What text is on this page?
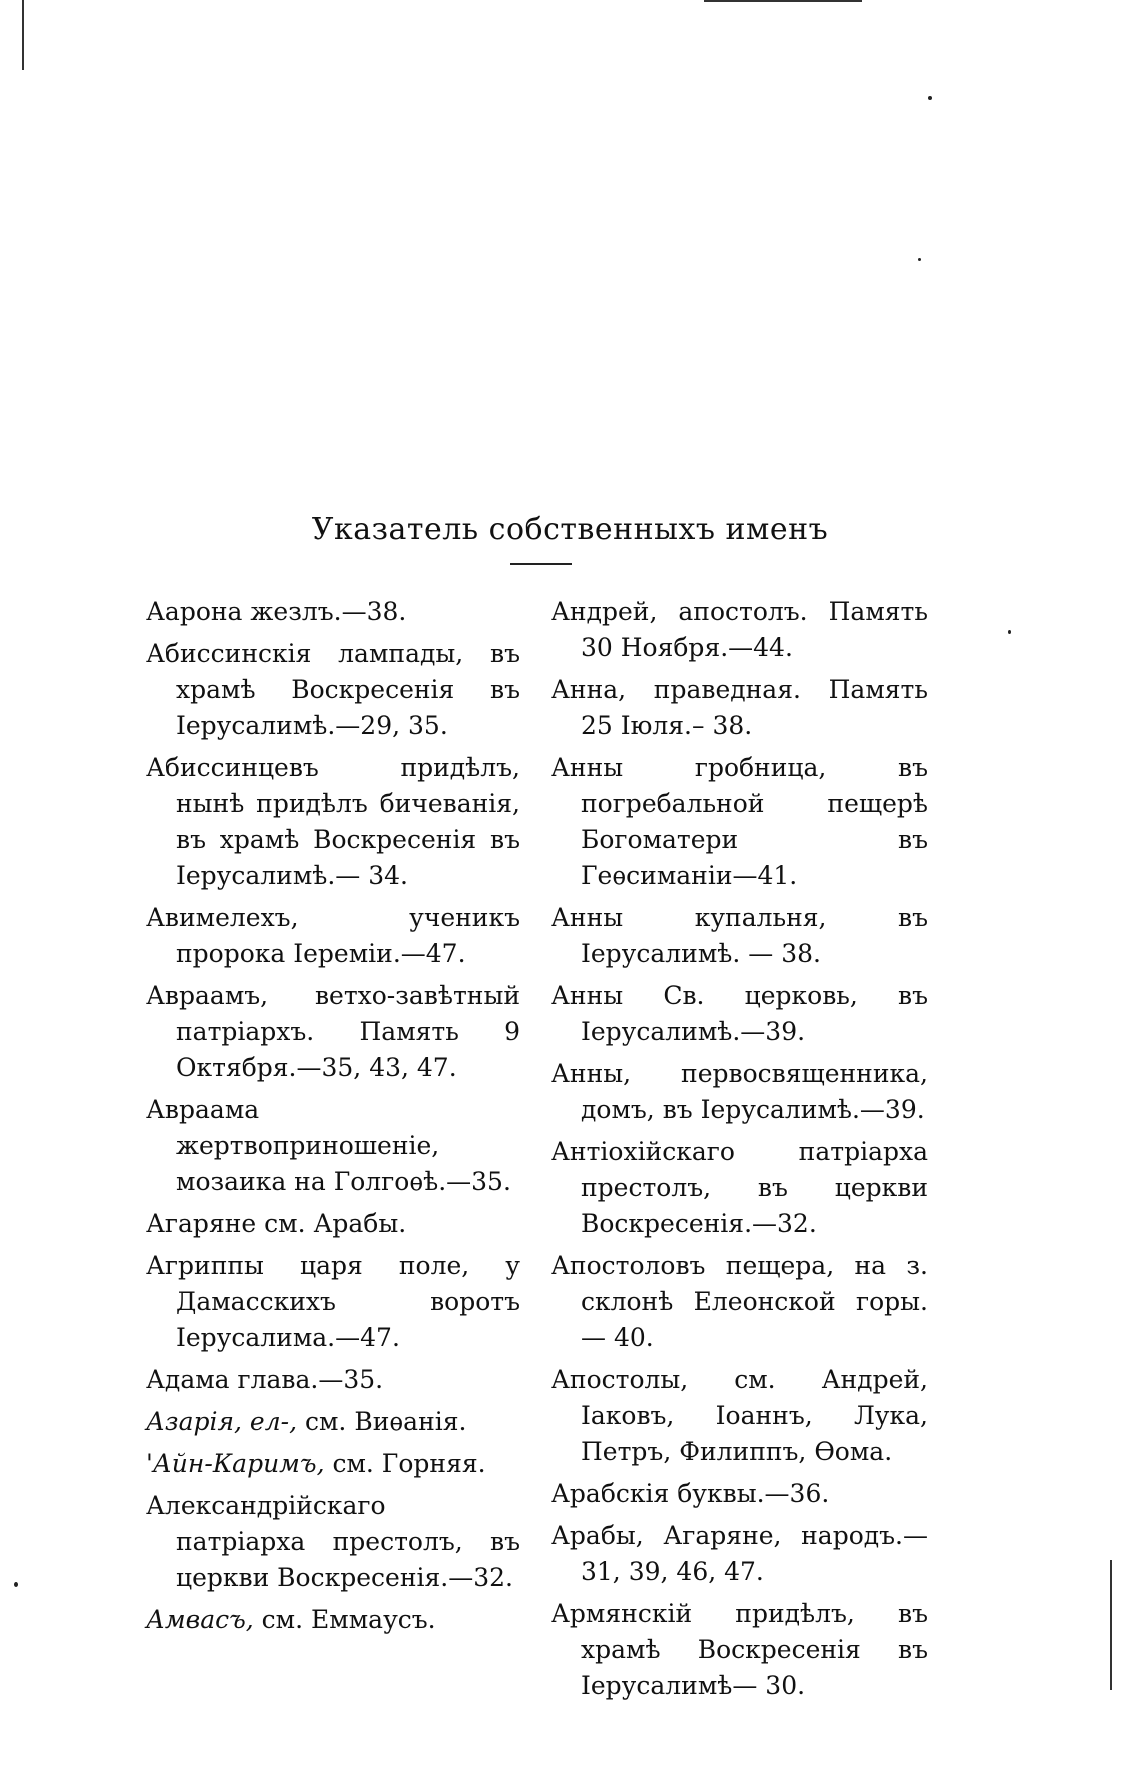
Указатель собственныхъ именъ

Аарона жезлъ.—38.

Абиссинскія лампады, въ храмѣ Воскресенія въ Іерусалимѣ.—29, 35.

Абиссинцевъ придѣлъ, нынѣ придѣлъ бичеванія, въ храмѣ Воскресенія въ Іерусалимѣ.— 34.

Авимелехъ, ученикъ пророка Іереміи.—47.

Авраамъ, ветхо-завѣтный патріархъ. Память 9 Октября.—35, 43, 47.

Авраама жертвоприношеніе, мозаика на Голгоѳѣ.—35.

Агаряне см. Арабы.

Агриппы царя поле, у Дамасскихъ воротъ Іерусалима.—47.

Адама глава.—35.

Азарія, ел-, см. Виѳанія.

'Айн-Каримъ, см. Горняя.

Александрійскаго патріарха престолъ, въ церкви Воскресенія.—32.

Амвасъ, см. Еммаусъ.

Андрей, апостолъ. Память 30 Ноября.—44.

Анна, праведная. Память 25 Іюля.– 38.

Анны гробница, въ погребальной пещерѣ Богоматери въ Геѳсиманіи—41.

Анны купальня, въ Іерусалимѣ. — 38.

Анны Св. церковь, въ Іерусалимѣ.—39.

Анны, первосвященника, домъ, въ Іерусалимѣ.—39.

Антіохійскаго патріарха престолъ, въ церкви Воскресенія.—32.

Апостоловъ пещера, на з. склонѣ Елеонской горы. — 40.

Апостолы, см. Андрей, Іаковъ, Іоаннъ, Лука, Петръ, Филиппъ, Ѳома.

Арабскія буквы.—36.

Арабы, Агаряне, народъ.— 31, 39, 46, 47.

Армянскій придѣлъ, въ храмѣ Воскресенія въ Іерусалимѣ— 30.
